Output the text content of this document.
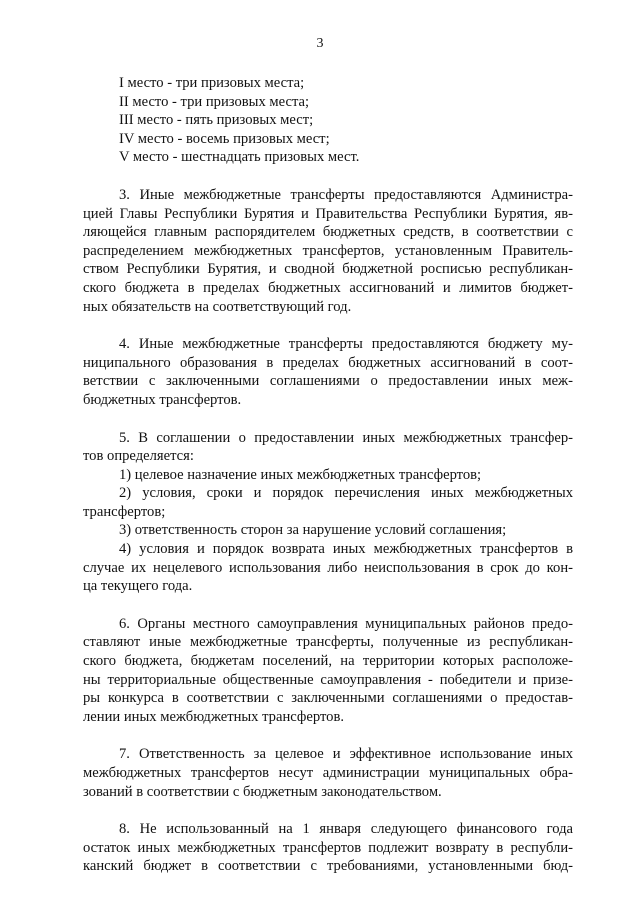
3
I место - три призовых места;
II место - три призовых места;
III место - пять призовых мест;
IV место - восемь призовых мест;
V место - шестнадцать призовых мест.
3. Иные межбюджетные трансферты предоставляются Администра-
цией Главы Республики Бурятия и Правительства Республики Бурятия, яв-
ляющейся главным распорядителем бюджетных средств, в соответствии с
распределением межбюджетных трансфертов, установленным Правитель-
ством Республики Бурятия, и сводной бюджетной росписью республикан-
ского бюджета в пределах бюджетных ассигнований и лимитов бюджет-
ных обязательств на соответствующий год.
4. Иные межбюджетные трансферты предоставляются бюджету му-
ниципального образования в пределах бюджетных ассигнований в соот-
ветствии с заключенными соглашениями о предоставлении иных меж-
бюджетных трансфертов.
5. В соглашении о предоставлении иных межбюджетных трансфер-
тов определяется:
1) целевое назначение иных межбюджетных трансфертов;
2) условия, сроки и порядок перечисления иных межбюджетных
трансфертов;
3) ответственность сторон за нарушение условий соглашения;
4) условия и порядок возврата иных межбюджетных трансфертов в
случае их нецелевого использования либо неиспользования в срок до кон-
ца текущего года.
6. Органы местного самоуправления муниципальных районов предо-
ставляют иные межбюджетные трансферты, полученные из республикан-
ского бюджета, бюджетам поселений, на территории которых расположе-
ны территориальные общественные самоуправления - победители и призе-
ры конкурса в соответствии с заключенными соглашениями о предостав-
лении иных межбюджетных трансфертов.
7. Ответственность за целевое и эффективное использование иных
межбюджетных трансфертов несут администрации муниципальных обра-
зований в соответствии с бюджетным законодательством.
8. Не использованный на 1 января следующего финансового года
остаток иных межбюджетных трансфертов подлежит возврату в республи-
канский бюджет в соответствии с требованиями, установленными бюд-
